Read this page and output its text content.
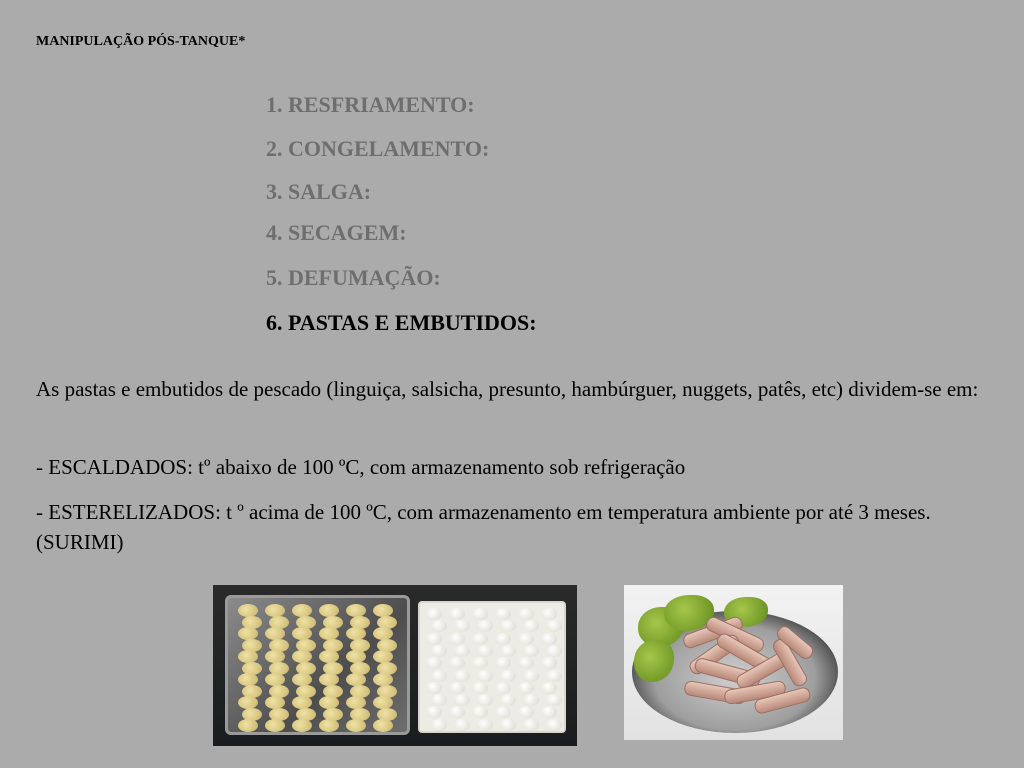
MANIPULAÇÃO PÓS-TANQUE*
1. RESFRIAMENTO:
2. CONGELAMENTO:
3. SALGA:
4. SECAGEM:
5. DEFUMAÇÃO:
6. PASTAS E EMBUTIDOS:

As pastas e embutidos de pescado (linguiça, salsicha, presunto, hambúrguer, nuggets, patês, etc) dividem-se em:

- ESCALDADOS: tº abaixo de 100 ºC, com armazenamento sob refrigeração

- ESTERELIZADOS: t º acima de 100 ºC, com armazenamento em temperatura ambiente por até 3 meses. (SURIMI)
